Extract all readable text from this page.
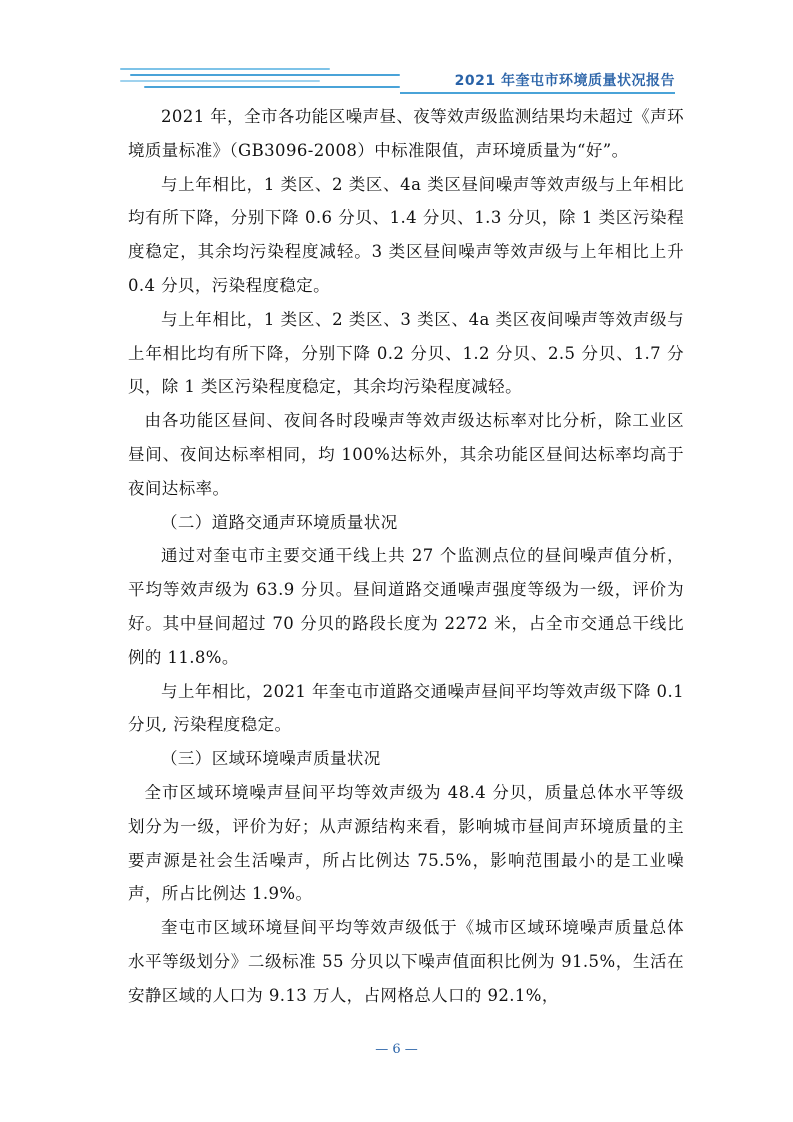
2021 年奎屯市环境质量状况报告

2021 年，全市各功能区噪声昼、夜等效声级监测结果均未超过《声环境质量标准》（GB3096-2008）中标准限值，声环境质量为“好”。

与上年相比，1 类区、2 类区、4a 类区昼间噪声等效声级与上年相比均有所下降，分别下降 0.6 分贝、1.4 分贝、1.3 分贝，除 1 类区污染程度稳定，其余均污染程度减轻。3 类区昼间噪声等效声级与上年相比上升 0.4 分贝，污染程度稳定。

与上年相比，1 类区、2 类区、3 类区、4a 类区夜间噪声等效声级与上年相比均有所下降，分别下降 0.2 分贝、1.2 分贝、2.5 分贝、1.7 分贝，除 1 类区污染程度稳定，其余均污染程度减轻。

由各功能区昼间、夜间各时段噪声等效声级达标率对比分析，除工业区昼间、夜间达标率相同，均 100%达标外，其余功能区昼间达标率均高于夜间达标率。

（二）道路交通声环境质量状况

通过对奎屯市主要交通干线上共 27 个监测点位的昼间噪声值分析，平均等效声级为 63.9 分贝。昼间道路交通噪声强度等级为一级，评价为好。其中昼间超过 70 分贝的路段长度为 2272 米，占全市交通总干线比例的 11.8%。

与上年相比，2021 年奎屯市道路交通噪声昼间平均等效声级下降 0.1 分贝, 污染程度稳定。

（三）区域环境噪声质量状况

全市区域环境噪声昼间平均等效声级为 48.4 分贝，质量总体水平等级划分为一级，评价为好；从声源结构来看，影响城市昼间声环境质量的主要声源是社会生活噪声，所占比例达 75.5%，影响范围最小的是工业噪声，所占比例达 1.9%。

奎屯市区域环境昼间平均等效声级低于《城市区域环境噪声质量总体水平等级划分》二级标准 55 分贝以下噪声值面积比例为 91.5%，生活在安静区域的人口为 9.13 万人，占网格总人口的 92.1%，

— 6 —
